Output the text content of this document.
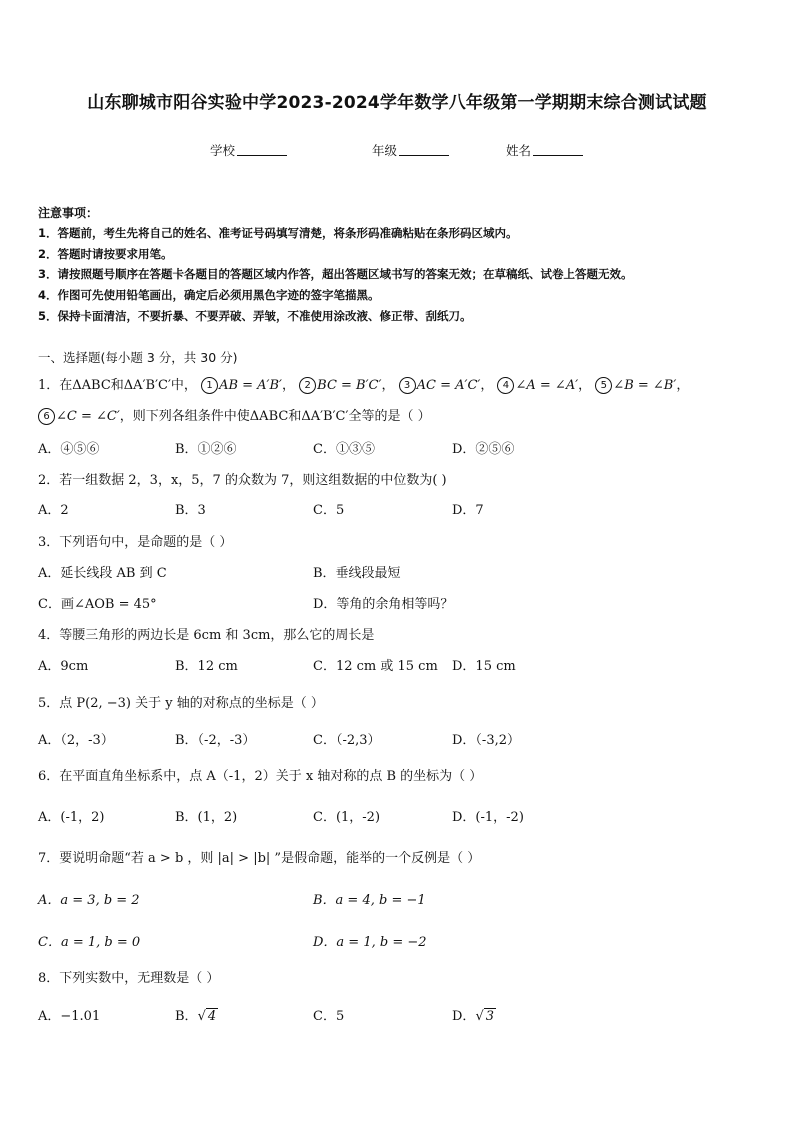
山东聊城市阳谷实验中学2023-2024学年数学八年级第一学期期末综合测试试题
学校	年级	姓名
注意事项：
1．答题前，考生先将自己的姓名、准考证号码填写清楚，将条形码准确粘贴在条形码区域内。
2．答题时请按要求用笔。
3．请按照题号顺序在答题卡各题目的答题区域内作答，超出答题区域书写的答案无效；在草稿纸、试卷上答题无效。
4．作图可先使用铅笔画出，确定后必须用黑色字迹的签字笔描黑。
5．保持卡面清洁，不要折暴、不要弄破、弄皱，不准使用涂改液、修正带、刮纸刀。
一、选择题(每小题 3 分，共 30 分)
1．在ΔABC和ΔA′B′C′中， 1 AB = A′B′， 2 BC = B′C′， 3 AC = A′C′， 4 ∠A = ∠A′， 5 ∠B = ∠B′，
6 ∠C = ∠C′，则下列各组条件中使ΔABC和ΔA′B′C′全等的是（ ）
A．④⑤⑥	B．①②⑥	C．①③⑤	D．②⑤⑥
2．若一组数据 2，3，x，5，7 的众数为 7，则这组数据的中位数为( )
A．2	B．3	C．5	D．7
3．下列语句中，是命题的是（ ）
A．延长线段 AB 到 C	B．垂线段最短
C．画∠AOB = 45°	D．等角的余角相等吗？
4．等腰三角形的两边长是 6cm 和 3cm，那么它的周长是
A．9cm	B．12 cm	C．12 cm 或 15 cm D．15 cm
5．点 P(2, −3) 关于 y 轴的对称点的坐标是（ ）
A．（2，-3）	B．（-2，-3）	C．（-2,3）	D．（-3,2）
6．在平面直角坐标系中，点 A（-1，2）关于 x 轴对称的点 B 的坐标为（ ）
A．(-1，2)	B．(1，2)	C．(1，-2)	D．(-1，-2)
7．要说明命题“若 a > b ，则 |a| > |b| ”是假命题，能举的一个反例是（ ）
A．a = 3, b = 2	B．a = 4, b = −1
C．a = 1, b = 0	D．a = 1, b = −2
8．下列实数中，无理数是（ ）
A．−1.01	B．√ 4	C．5	D．√ 3
